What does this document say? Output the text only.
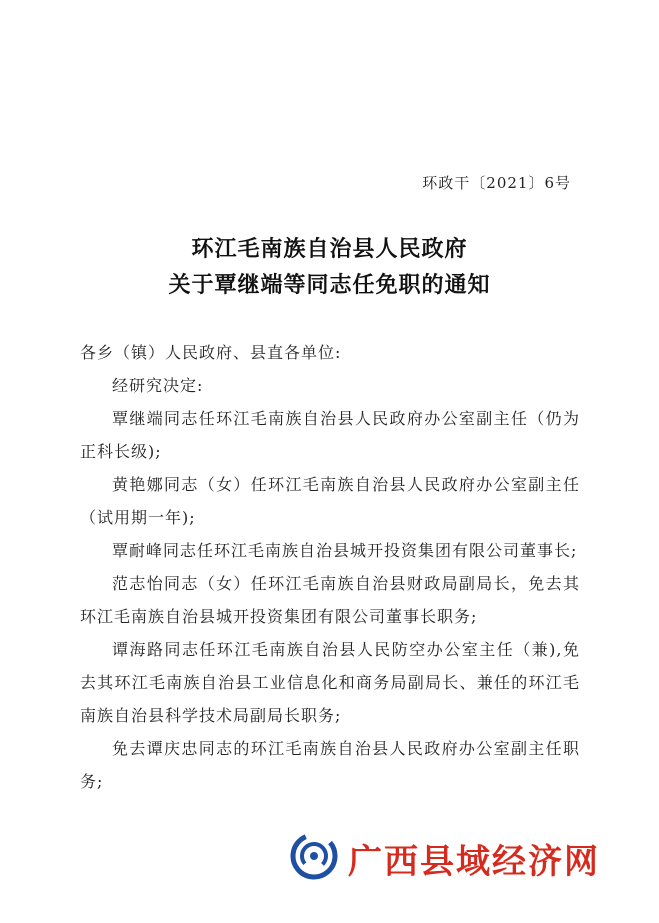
环政干〔2021〕6号
环江毛南族自治县人民政府
关于覃继端等同志任免职的通知

各乡（镇）人民政府、县直各单位:

经研究决定:

覃继端同志任环江毛南族自治县人民政府办公室副主任（仍为正科长级);

黄艳娜同志（女）任环江毛南族自治县人民政府办公室副主任（试用期一年);

覃耐峰同志任环江毛南族自治县城开投资集团有限公司董事长;

范志怡同志（女）任环江毛南族自治县财政局副局长，免去其环江毛南族自治县城开投资集团有限公司董事长职务;

谭海路同志任环江毛南族自治县人民防空办公室主任（兼),免去其环江毛南族自治县工业信息化和商务局副局长、兼任的环江毛南族自治县科学技术局副局长职务;

免去谭庆忠同志的环江毛南族自治县人民政府办公室副主任职务;

广西县域经济网
